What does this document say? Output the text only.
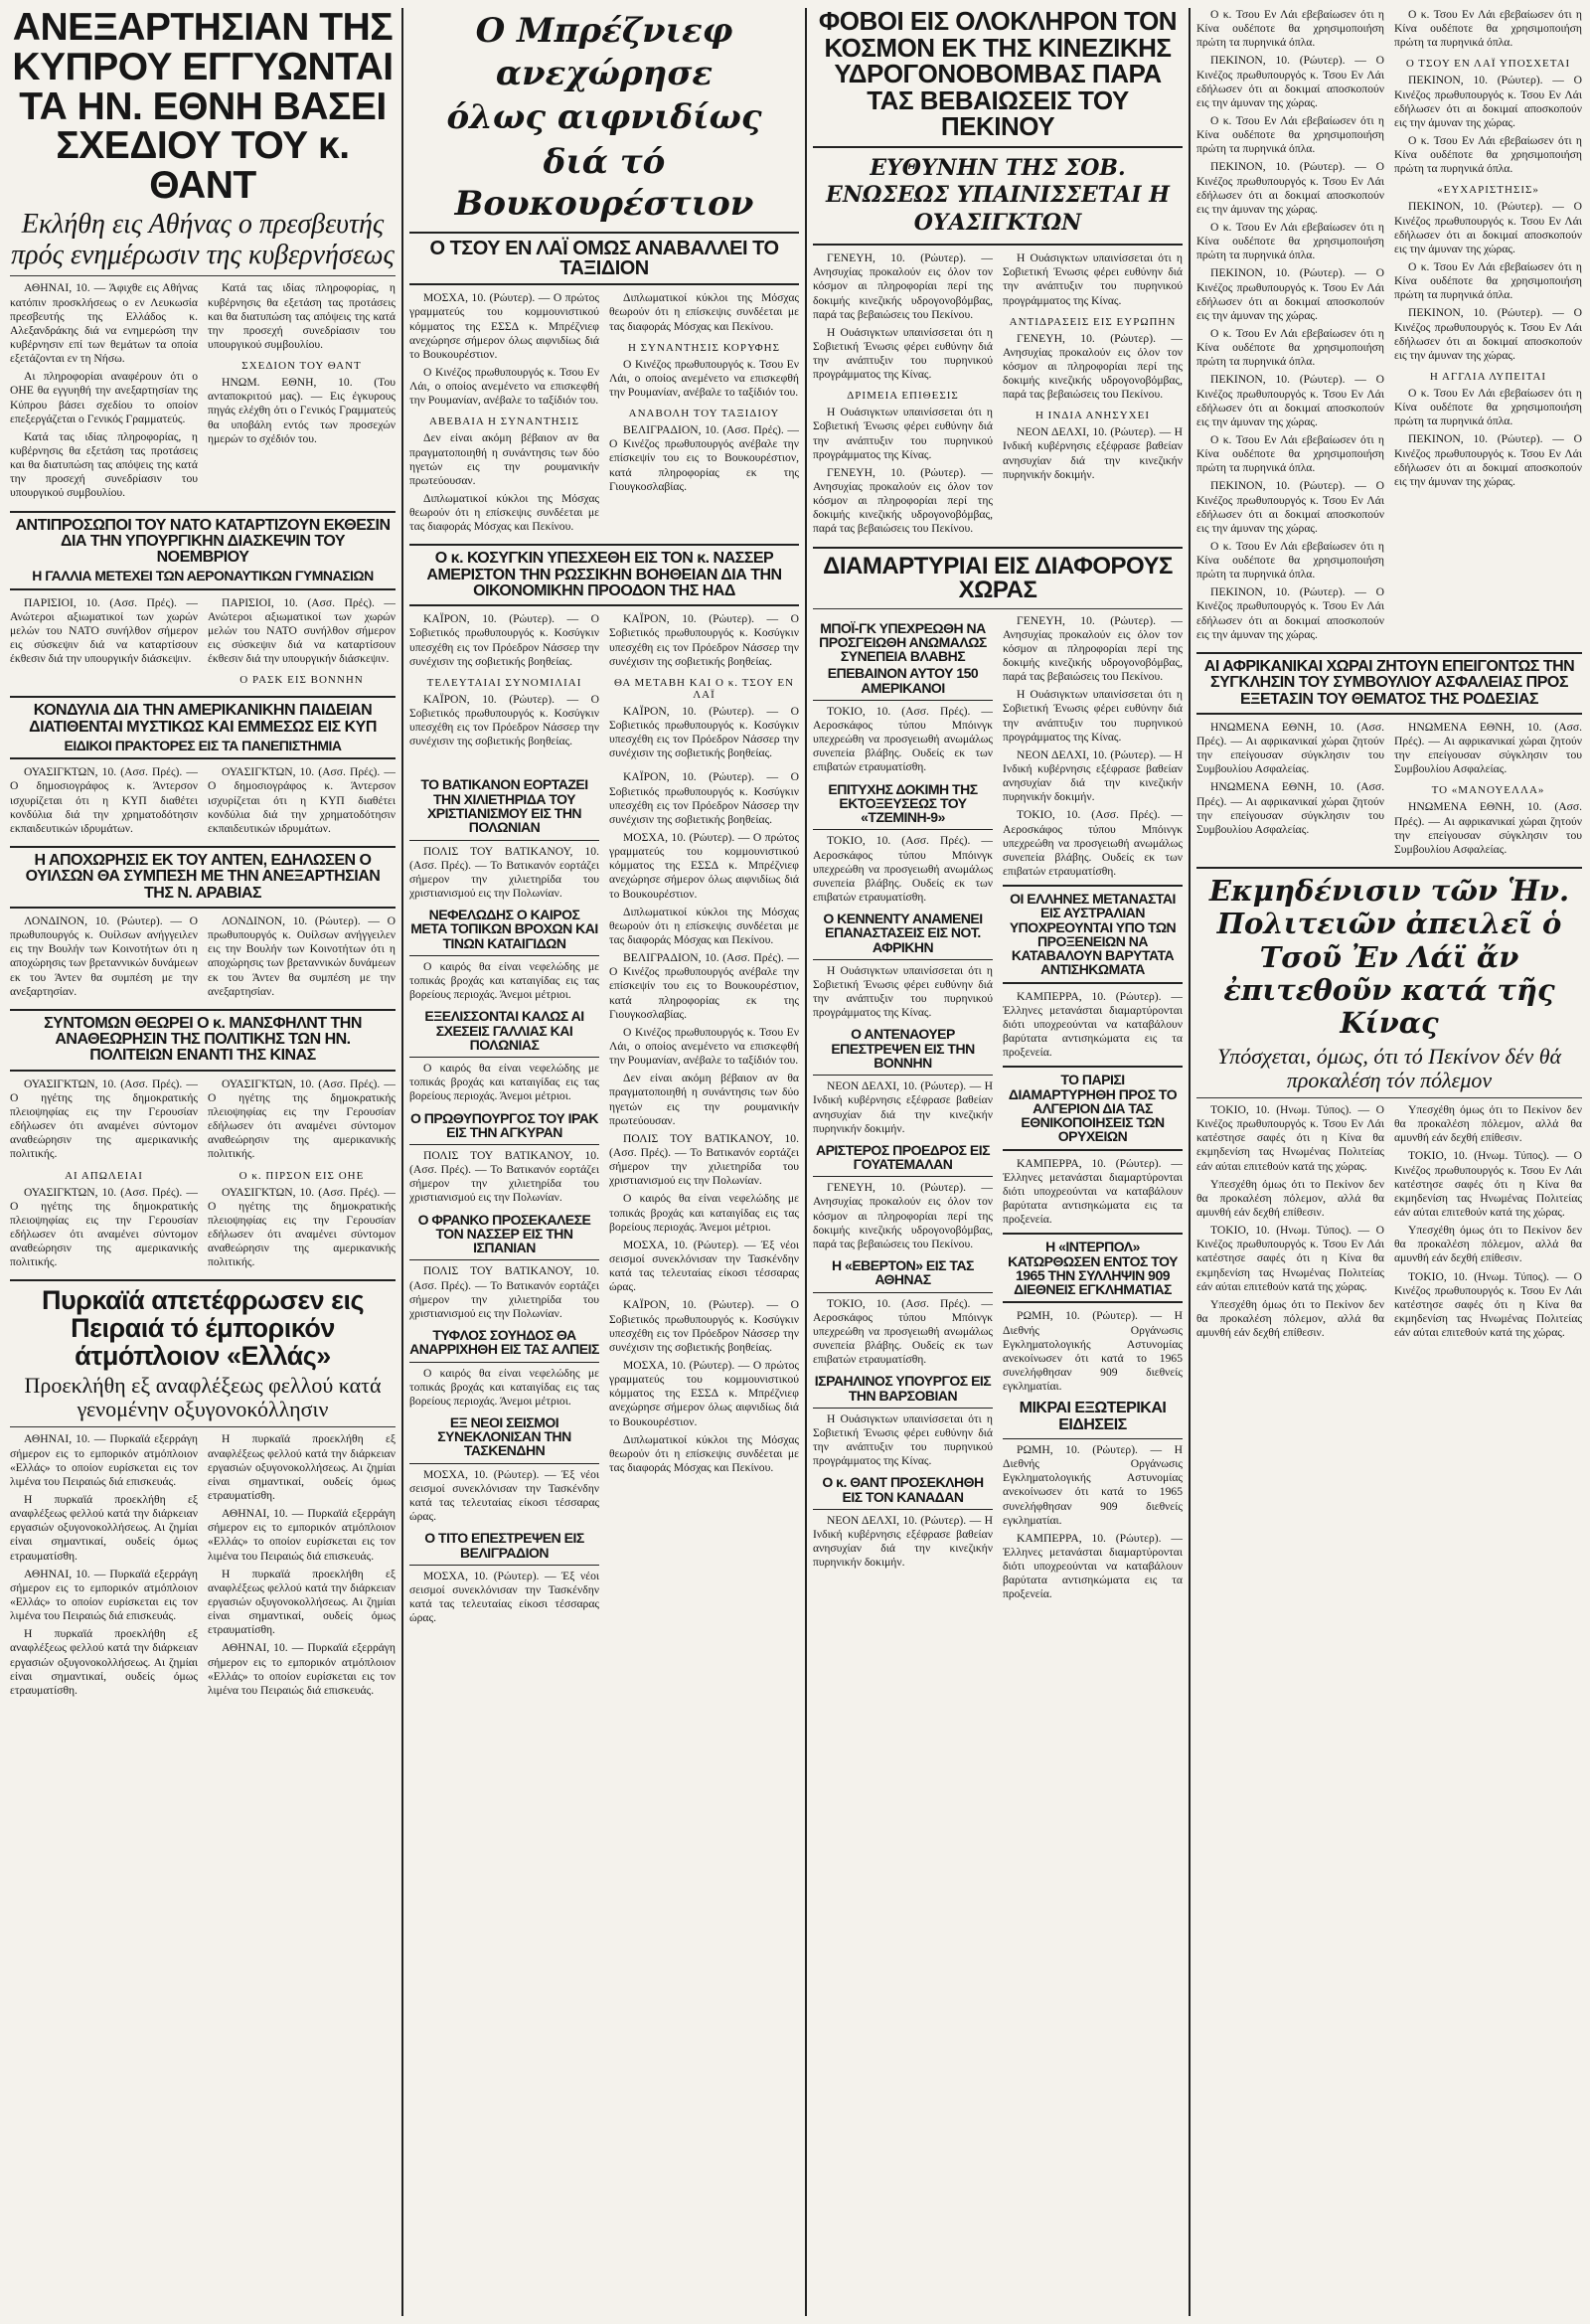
ΑΝΕΞΑΡΤΗΣΙΑΝ ΤΗΣ ΚΥΠΡΟΥ ΕΓΓΥΩΝΤΑΙ ΤΑ ΗΝ. ΕΘΝΗ ΒΑΣΕΙ ΣΧΕΔΙΟΥ ΤΟΥ κ. ΘΑΝΤ
Εκλήθη εις Αθήνας ο πρεσβευτής πρός ενημέρωσιν της κυβερνήσεως

ΑΘΗΝΑΙ, 10. — Άφιχθε εις Αθήνας κατόπιν προσκλήσεως ο εν Λευκωσία πρεσβευτής της Ελλάδος κ. Αλεξανδράκης διά να ενημερώση την κυβέρνησιν επί των θεμάτων τα οποία εξετάζονται εν τη Νήσω.

Αι πληροφορίαι αναφέρουν ότι ο ΟΗΕ θα εγγυηθή την ανεξαρτησίαν της Κύπρου βάσει σχεδίου το οποίον επεξεργάζεται ο Γενικός Γραμματεύς.

Κατά τας ιδίας πληροφορίας, η κυβέρνησις θα εξετάση τας προτάσεις και θα διατυπώση τας απόψεις της κατά την προσεχή συνεδρίασιν του υπουργικού συμβουλίου.

Κατά τας ιδίας πληροφορίας, η κυβέρνησις θα εξετάση τας προτάσεις και θα διατυπώση τας απόψεις της κατά την προσεχή συνεδρίασιν του υπουργικού συμβουλίου.

ΣΧΕΔΙΟΝ ΤΟΥ ΘΑΝΤ

ΗΝΩΜ. ΕΘΝΗ, 10. (Του ανταποκριτού μας). — Εις έγκυρους πηγάς ελέχθη ότι ο Γενικός Γραμματεύς θα υποβάλη εντός των προσεχών ημερών το σχέδιόν του.

ΑΝΤΙΠΡΟΣΩΠΟΙ ΤΟΥ ΝΑΤΟ ΚΑΤΑΡΤΙΖΟΥΝ ΕΚΘΕΣΙΝ ΔΙΑ ΤΗΝ ΥΠΟΥΡΓΙΚΗΝ ΔΙΑΣΚΕΨΙΝ ΤΟΥ ΝΟΕΜΒΡΙΟΥ
Η ΓΑΛΛΙΑ ΜΕΤΕΧΕΙ ΤΩΝ ΑΕΡΟΝΑΥΤΙΚΩΝ ΓΥΜΝΑΣΙΩΝ

ΠΑΡΙΣΙΟΙ, 10. (Ασσ. Πρές). — Ανώτεροι αξιωματικοί των χωρών μελών του ΝΑΤΟ συνήλθον σήμερον εις σύσκεψιν διά να καταρτίσουν έκθεσιν διά την υπουργικήν διάσκεψιν.

ΠΑΡΙΣΙΟΙ, 10. (Ασσ. Πρές). — Ανώτεροι αξιωματικοί των χωρών μελών του ΝΑΤΟ συνήλθον σήμερον εις σύσκεψιν διά να καταρτίσουν έκθεσιν διά την υπουργικήν διάσκεψιν.

Ο ΡΑΣΚ ΕΙΣ ΒΟΝΝΗΝ
ΚΟΝΔΥΛΙΑ ΔΙΑ ΤΗΝ ΑΜΕΡΙΚΑΝΙΚΗΝ ΠΑΙΔΕΙΑΝ ΔΙΑΤΙΘΕΝΤΑΙ ΜΥΣΤΙΚΩΣ ΚΑΙ ΕΜΜΕΣΩΣ ΕΙΣ ΚΥΠ
ΕΙΔΙΚΟΙ ΠΡΑΚΤΟΡΕΣ ΕΙΣ ΤΑ ΠΑΝΕΠΙΣΤΗΜΙΑ

ΟΥΑΣΙΓΚΤΩΝ, 10. (Ασσ. Πρές). — Ο δημοσιογράφος κ. Άντερσον ισχυρίζεται ότι η ΚΥΠ διαθέτει κονδύλια διά την χρηματοδότησιν εκπαιδευτικών ιδρυμάτων.

ΟΥΑΣΙΓΚΤΩΝ, 10. (Ασσ. Πρές). — Ο δημοσιογράφος κ. Άντερσον ισχυρίζεται ότι η ΚΥΠ διαθέτει κονδύλια διά την χρηματοδότησιν εκπαιδευτικών ιδρυμάτων.

Η ΑΠΟΧΩΡΗΣΙΣ ΕΚ ΤΟΥ ΑΝΤΕΝ, ΕΔΗΛΩΣΕΝ Ο ΟΥΙΛΣΩΝ ΘΑ ΣΥΜΠΕΣΗ ΜΕ ΤΗΝ ΑΝΕΞΑΡΤΗΣΙΑΝ ΤΗΣ Ν. ΑΡΑΒΙΑΣ

ΛΟΝΔΙΝΟΝ, 10. (Ρώυτερ). — Ο πρωθυπουργός κ. Ουίλσων ανήγγειλεν εις την Βουλήν των Κοινοτήτων ότι η αποχώρησις των βρεταννικών δυνάμεων εκ του Άντεν θα συμπέση με την ανεξαρτησίαν.

ΛΟΝΔΙΝΟΝ, 10. (Ρώυτερ). — Ο πρωθυπουργός κ. Ουίλσων ανήγγειλεν εις την Βουλήν των Κοινοτήτων ότι η αποχώρησις των βρεταννικών δυνάμεων εκ του Άντεν θα συμπέση με την ανεξαρτησίαν.

ΣΥΝΤΟΜΩΝ ΘΕΩΡΕΙ Ο κ. ΜΑΝΣΦΗΛΝΤ ΤΗΝ ΑΝΑΘΕΩΡΗΣΙΝ ΤΗΣ ΠΟΛΙΤΙΚΗΣ ΤΩΝ ΗΝ. ΠΟΛΙΤΕΙΩΝ ΕΝΑΝΤΙ ΤΗΣ ΚΙΝΑΣ

ΟΥΑΣΙΓΚΤΩΝ, 10. (Ασσ. Πρές). — Ο ηγέτης της δημοκρατικής πλειοψηφίας εις την Γερουσίαν εδήλωσεν ότι αναμένει σύντομον αναθεώρησιν της αμερικανικής πολιτικής.

ΑΙ ΑΠΩΛΕΙΑΙ

ΟΥΑΣΙΓΚΤΩΝ, 10. (Ασσ. Πρές). — Ο ηγέτης της δημοκρατικής πλειοψηφίας εις την Γερουσίαν εδήλωσεν ότι αναμένει σύντομον αναθεώρησιν της αμερικανικής πολιτικής.

ΟΥΑΣΙΓΚΤΩΝ, 10. (Ασσ. Πρές). — Ο ηγέτης της δημοκρατικής πλειοψηφίας εις την Γερουσίαν εδήλωσεν ότι αναμένει σύντομον αναθεώρησιν της αμερικανικής πολιτικής.

Ο κ. ΠΙΡΣΟΝ ΕΙΣ ΟΗΕ

ΟΥΑΣΙΓΚΤΩΝ, 10. (Ασσ. Πρές). — Ο ηγέτης της δημοκρατικής πλειοψηφίας εις την Γερουσίαν εδήλωσεν ότι αναμένει σύντομον αναθεώρησιν της αμερικανικής πολιτικής.

Πυρκαϊά απετέφρωσεν εις Πειραιά τό έμπορικόν άτμόπλοιον «Ελλάς»
Προεκλήθη εξ αναφλέξεως φελλού κατά γενομένην οξυγονοκόλλησιν

ΑΘΗΝΑΙ, 10. — Πυρκαϊά εξερράγη σήμερον εις το εμπορικόν ατμόπλοιον «Ελλάς» το οποίον ευρίσκεται εις τον λιμένα του Πειραιώς διά επισκευάς.

Η πυρκαϊά προεκλήθη εξ αναφλέξεως φελλού κατά την διάρκειαν εργασιών οξυγονοκολλήσεως. Αι ζημίαι είναι σημαντικαί, ουδείς όμως ετραυματίσθη.

ΑΘΗΝΑΙ, 10. — Πυρκαϊά εξερράγη σήμερον εις το εμπορικόν ατμόπλοιον «Ελλάς» το οποίον ευρίσκεται εις τον λιμένα του Πειραιώς διά επισκευάς.

Η πυρκαϊά προεκλήθη εξ αναφλέξεως φελλού κατά την διάρκειαν εργασιών οξυγονοκολλήσεως. Αι ζημίαι είναι σημαντικαί, ουδείς όμως ετραυματίσθη.

Η πυρκαϊά προεκλήθη εξ αναφλέξεως φελλού κατά την διάρκειαν εργασιών οξυγονοκολλήσεως. Αι ζημίαι είναι σημαντικαί, ουδείς όμως ετραυματίσθη.

ΑΘΗΝΑΙ, 10. — Πυρκαϊά εξερράγη σήμερον εις το εμπορικόν ατμόπλοιον «Ελλάς» το οποίον ευρίσκεται εις τον λιμένα του Πειραιώς διά επισκευάς.

Η πυρκαϊά προεκλήθη εξ αναφλέξεως φελλού κατά την διάρκειαν εργασιών οξυγονοκολλήσεως. Αι ζημίαι είναι σημαντικαί, ουδείς όμως ετραυματίσθη.

ΑΘΗΝΑΙ, 10. — Πυρκαϊά εξερράγη σήμερον εις το εμπορικόν ατμόπλοιον «Ελλάς» το οποίον ευρίσκεται εις τον λιμένα του Πειραιώς διά επισκευάς.

Ο Μπρέζνιεφ ανεχώρησε
όλως αιφνιδίως
διά τό Βουκουρέστιον
Ο ΤΣΟΥ ΕΝ ΛΑΪ ΟΜΩΣ ΑΝΑΒΑΛΛΕΙ ΤΟ ΤΑΞΙΔΙΟΝ

ΜΟΣΧΑ, 10. (Ρώυτερ). — Ο πρώτος γραμματεύς του κομμουνιστικού κόμματος της ΕΣΣΔ κ. Μπρέζνιεφ ανεχώρησε σήμερον όλως αιφνιδίως διά το Βουκουρέστιον.

Ο Κινέζος πρωθυπουργός κ. Τσου Εν Λάι, ο οποίος ανεμένετο να επισκεφθή την Ρουμανίαν, ανέβαλε το ταξίδιόν του.

ΑΒΕΒΑΙΑ Η ΣΥΝΑΝΤΗΣΙΣ

Δεν είναι ακόμη βέβαιον αν θα πραγματοποιηθή η συνάντησις των δύο ηγετών εις την ρουμανικήν πρωτεύουσαν.

Διπλωματικοί κύκλοι της Μόσχας θεωρούν ότι η επίσκεψις συνδέεται με τας διαφοράς Μόσχας και Πεκίνου.

Διπλωματικοί κύκλοι της Μόσχας θεωρούν ότι η επίσκεψις συνδέεται με τας διαφοράς Μόσχας και Πεκίνου.

Η ΣΥΝΑΝΤΗΣΙΣ ΚΟΡΥΦΗΣ

Ο Κινέζος πρωθυπουργός κ. Τσου Εν Λάι, ο οποίος ανεμένετο να επισκεφθή την Ρουμανίαν, ανέβαλε το ταξίδιόν του.

ΑΝΑΒΟΛΗ ΤΟΥ ΤΑΞΙΔΙΟΥ

ΒΕΛΙΓΡΑΔΙΟΝ, 10. (Ασσ. Πρές). — Ο Κινέζος πρωθυπουργός ανέβαλε την επίσκεψίν του εις το Βουκουρέστιον, κατά πληροφορίας εκ της Γιουγκοσλαβίας.

Ο κ. ΚΟΣΥΓΚΙΝ ΥΠΕΣΧΕΘΗ ΕΙΣ ΤΟΝ κ. ΝΑΣΣΕΡ ΑΜΕΡΙΣΤΟΝ ΤΗΝ ΡΩΣΣΙΚΗΝ ΒΟΗΘΕΙΑΝ ΔΙΑ ΤΗΝ ΟΙΚΟΝΟΜΙΚΗΝ ΠΡΟΟΔΟΝ ΤΗΣ ΗΑΔ

ΚΑΪΡΟΝ, 10. (Ρώυτερ). — Ο Σοβιετικός πρωθυπουργός κ. Κοσύγκιν υπεσχέθη εις τον Πρόεδρον Νάσσερ την συνέχισιν της σοβιετικής βοηθείας.

ΤΕΛΕΥΤΑΙΑΙ ΣΥΝΟΜΙΛΙΑΙ

ΚΑΪΡΟΝ, 10. (Ρώυτερ). — Ο Σοβιετικός πρωθυπουργός κ. Κοσύγκιν υπεσχέθη εις τον Πρόεδρον Νάσσερ την συνέχισιν της σοβιετικής βοηθείας.

ΚΑΪΡΟΝ, 10. (Ρώυτερ). — Ο Σοβιετικός πρωθυπουργός κ. Κοσύγκιν υπεσχέθη εις τον Πρόεδρον Νάσσερ την συνέχισιν της σοβιετικής βοηθείας.

ΘΑ ΜΕΤΑΒΗ ΚΑΙ Ο κ. ΤΣΟΥ ΕΝ ΛΑΪ

ΚΑΪΡΟΝ, 10. (Ρώυτερ). — Ο Σοβιετικός πρωθυπουργός κ. Κοσύγκιν υπεσχέθη εις τον Πρόεδρον Νάσσερ την συνέχισιν της σοβιετικής βοηθείας.

ΤΟ ΒΑΤΙΚΑΝΟΝ ΕΟΡΤΑΖΕΙ ΤΗΝ ΧΙΛΙΕΤΗΡΙΔΑ ΤΟΥ ΧΡΙΣΤΙΑΝΙΣΜΟΥ ΕΙΣ ΤΗΝ ΠΟΛΩΝΙΑΝ

ΠΟΛΙΣ ΤΟΥ ΒΑΤΙΚΑΝΟΥ, 10. (Ασσ. Πρές). — Το Βατικανόν εορτάζει σήμερον την χιλιετηρίδα του χριστιανισμού εις την Πολωνίαν.

ΝΕΦΕΛΩΔΗΣ Ο ΚΑΙΡΟΣ ΜΕΤΑ ΤΟΠΙΚΩΝ ΒΡΟΧΩΝ ΚΑΙ ΤΙΝΩΝ ΚΑΤΑΙΓΙΔΩΝ

Ο καιρός θα είναι νεφελώδης με τοπικάς βροχάς και καταιγίδας εις τας βορείους περιοχάς. Άνεμοι μέτριοι.

ΕΞΕΛΙΣΣΟΝΤΑΙ ΚΑΛΩΣ ΑΙ ΣΧΕΣΕΙΣ ΓΑΛΛΙΑΣ ΚΑΙ ΠΟΛΩΝΙΑΣ

Ο καιρός θα είναι νεφελώδης με τοπικάς βροχάς και καταιγίδας εις τας βορείους περιοχάς. Άνεμοι μέτριοι.

Ο ΠΡΩΘΥΠΟΥΡΓΟΣ ΤΟΥ ΙΡΑΚ ΕΙΣ ΤΗΝ ΑΓΚΥΡΑΝ

ΠΟΛΙΣ ΤΟΥ ΒΑΤΙΚΑΝΟΥ, 10. (Ασσ. Πρές). — Το Βατικανόν εορτάζει σήμερον την χιλιετηρίδα του χριστιανισμού εις την Πολωνίαν.

Ο ΦΡΑΝΚΟ ΠΡΟΣΕΚΑΛΕΣΕ ΤΟΝ ΝΑΣΣΕΡ ΕΙΣ ΤΗΝ ΙΣΠΑΝΙΑΝ

ΠΟΛΙΣ ΤΟΥ ΒΑΤΙΚΑΝΟΥ, 10. (Ασσ. Πρές). — Το Βατικανόν εορτάζει σήμερον την χιλιετηρίδα του χριστιανισμού εις την Πολωνίαν.

ΤΥΦΛΟΣ ΣΟΥΗΔΟΣ ΘΑ ΑΝΑΡΡΙΧΗΘΗ ΕΙΣ ΤΑΣ ΑΛΠΕΙΣ

Ο καιρός θα είναι νεφελώδης με τοπικάς βροχάς και καταιγίδας εις τας βορείους περιοχάς. Άνεμοι μέτριοι.

ΕΞ ΝΕΟΙ ΣΕΙΣΜΟΙ ΣΥΝΕΚΛΟΝΙΣΑΝ ΤΗΝ ΤΑΣΚΕΝΔΗΝ

ΜΟΣΧΑ, 10. (Ρώυτερ). — Έξ νέοι σεισμοί συνεκλόνισαν την Τασκένδην κατά τας τελευταίας είκοσι τέσσαρας ώρας.

Ο ΤΙΤΟ ΕΠΕΣΤΡΕΨΕΝ ΕΙΣ ΒΕΛΙΓΡΑΔΙΟΝ

ΜΟΣΧΑ, 10. (Ρώυτερ). — Έξ νέοι σεισμοί συνεκλόνισαν την Τασκένδην κατά τας τελευταίας είκοσι τέσσαρας ώρας.

ΚΑΪΡΟΝ, 10. (Ρώυτερ). — Ο Σοβιετικός πρωθυπουργός κ. Κοσύγκιν υπεσχέθη εις τον Πρόεδρον Νάσσερ την συνέχισιν της σοβιετικής βοηθείας.

ΜΟΣΧΑ, 10. (Ρώυτερ). — Ο πρώτος γραμματεύς του κομμουνιστικού κόμματος της ΕΣΣΔ κ. Μπρέζνιεφ ανεχώρησε σήμερον όλως αιφνιδίως διά το Βουκουρέστιον.

Διπλωματικοί κύκλοι της Μόσχας θεωρούν ότι η επίσκεψις συνδέεται με τας διαφοράς Μόσχας και Πεκίνου.

ΒΕΛΙΓΡΑΔΙΟΝ, 10. (Ασσ. Πρές). — Ο Κινέζος πρωθυπουργός ανέβαλε την επίσκεψίν του εις το Βουκουρέστιον, κατά πληροφορίας εκ της Γιουγκοσλαβίας.

Ο Κινέζος πρωθυπουργός κ. Τσου Εν Λάι, ο οποίος ανεμένετο να επισκεφθή την Ρουμανίαν, ανέβαλε το ταξίδιόν του.

Δεν είναι ακόμη βέβαιον αν θα πραγματοποιηθή η συνάντησις των δύο ηγετών εις την ρουμανικήν πρωτεύουσαν.

ΠΟΛΙΣ ΤΟΥ ΒΑΤΙΚΑΝΟΥ, 10. (Ασσ. Πρές). — Το Βατικανόν εορτάζει σήμερον την χιλιετηρίδα του χριστιανισμού εις την Πολωνίαν.

Ο καιρός θα είναι νεφελώδης με τοπικάς βροχάς και καταιγίδας εις τας βορείους περιοχάς. Άνεμοι μέτριοι.

ΜΟΣΧΑ, 10. (Ρώυτερ). — Έξ νέοι σεισμοί συνεκλόνισαν την Τασκένδην κατά τας τελευταίας είκοσι τέσσαρας ώρας.

ΚΑΪΡΟΝ, 10. (Ρώυτερ). — Ο Σοβιετικός πρωθυπουργός κ. Κοσύγκιν υπεσχέθη εις τον Πρόεδρον Νάσσερ την συνέχισιν της σοβιετικής βοηθείας.

ΜΟΣΧΑ, 10. (Ρώυτερ). — Ο πρώτος γραμματεύς του κομμουνιστικού κόμματος της ΕΣΣΔ κ. Μπρέζνιεφ ανεχώρησε σήμερον όλως αιφνιδίως διά το Βουκουρέστιον.

Διπλωματικοί κύκλοι της Μόσχας θεωρούν ότι η επίσκεψις συνδέεται με τας διαφοράς Μόσχας και Πεκίνου.

ΦΟΒΟΙ ΕΙΣ ΟΛΟΚΛΗΡΟΝ ΤΟΝ ΚΟΣΜΟΝ ΕΚ ΤΗΣ ΚΙΝΕΖΙΚΗΣ ΥΔΡΟΓΟΝΟΒΟΜΒΑΣ ΠΑΡΑ ΤΑΣ ΒΕΒΑΙΩΣΕΙΣ ΤΟΥ ΠΕΚΙΝΟΥ
ΕΥΘΥΝΗΝ ΤΗΣ ΣΟΒ. ΕΝΩΣΕΩΣ ΥΠΑΙΝΙΣΣΕΤΑΙ Η ΟΥΑΣΙΓΚΤΩΝ

ΓΕΝΕΥΗ, 10. (Ρώυτερ). — Ανησυχίας προκαλούν εις όλον τον κόσμον αι πληροφορίαι περί της δοκιμής κινεζικής υδρογονοβόμβας, παρά τας βεβαιώσεις του Πεκίνου.

Η Ουάσιγκτων υπαινίσσεται ότι η Σοβιετική Ένωσις φέρει ευθύνην διά την ανάπτυξιν του πυρηνικού προγράμματος της Κίνας.

ΔΡΙΜΕΙΑ ΕΠΙΘΕΣΙΣ

Η Ουάσιγκτων υπαινίσσεται ότι η Σοβιετική Ένωσις φέρει ευθύνην διά την ανάπτυξιν του πυρηνικού προγράμματος της Κίνας.

ΓΕΝΕΥΗ, 10. (Ρώυτερ). — Ανησυχίας προκαλούν εις όλον τον κόσμον αι πληροφορίαι περί της δοκιμής κινεζικής υδρογονοβόμβας, παρά τας βεβαιώσεις του Πεκίνου.

Η Ουάσιγκτων υπαινίσσεται ότι η Σοβιετική Ένωσις φέρει ευθύνην διά την ανάπτυξιν του πυρηνικού προγράμματος της Κίνας.

ΑΝΤΙΔΡΑΣΕΙΣ ΕΙΣ ΕΥΡΩΠΗΝ

ΓΕΝΕΥΗ, 10. (Ρώυτερ). — Ανησυχίας προκαλούν εις όλον τον κόσμον αι πληροφορίαι περί της δοκιμής κινεζικής υδρογονοβόμβας, παρά τας βεβαιώσεις του Πεκίνου.

Η ΙΝΔΙΑ ΑΝΗΣΥΧΕΙ

ΝΕΟΝ ΔΕΛΧΙ, 10. (Ρώυτερ). — Η Ινδική κυβέρνησις εξέφρασε βαθείαν ανησυχίαν διά την κινεζικήν πυρηνικήν δοκιμήν.

ΔΙΑΜΑΡΤΥΡΙΑΙ ΕΙΣ ΔΙΑΦΟΡΟΥΣ ΧΩΡΑΣ
ΜΠΟΪ-ΓΚ ΥΠΕΧΡΕΩΘΗ ΝΑ ΠΡΟΣΓΕΙΩΘΗ ΑΝΩΜΑΛΩΣ ΣΥΝΕΠΕΙΑ ΒΛΑΒΗΣ
ΕΠΕΒΑΙΝΟΝ ΑΥΤΟΥ 150 ΑΜΕΡΙΚΑΝΟΙ

ΤΟΚΙΟ, 10. (Ασσ. Πρές). — Αεροσκάφος τύπου Μπόινγκ υπεχρεώθη να προσγειωθή ανωμάλως συνεπεία βλάβης. Ουδείς εκ των επιβατών ετραυματίσθη.

ΕΠΙΤΥΧΗΣ ΔΟΚΙΜΗ ΤΗΣ ΕΚΤΟΞΕΥΣΕΩΣ ΤΟΥ «ΤΖΕΜΙΝΗ-9»

ΤΟΚΙΟ, 10. (Ασσ. Πρές). — Αεροσκάφος τύπου Μπόινγκ υπεχρεώθη να προσγειωθή ανωμάλως συνεπεία βλάβης. Ουδείς εκ των επιβατών ετραυματίσθη.

Ο ΚΕΝΝΕΝΤΥ ΑΝΑΜΕΝΕΙ ΕΠΑΝΑΣΤΑΣΕΙΣ ΕΙΣ ΝΟΤ. ΑΦΡΙΚΗΝ

Η Ουάσιγκτων υπαινίσσεται ότι η Σοβιετική Ένωσις φέρει ευθύνην διά την ανάπτυξιν του πυρηνικού προγράμματος της Κίνας.

Ο ΑΝΤΕΝΑΟΥΕΡ ΕΠΕΣΤΡΕΨΕΝ ΕΙΣ ΤΗΝ ΒΟΝΝΗΝ

ΝΕΟΝ ΔΕΛΧΙ, 10. (Ρώυτερ). — Η Ινδική κυβέρνησις εξέφρασε βαθείαν ανησυχίαν διά την κινεζικήν πυρηνικήν δοκιμήν.

ΑΡΙΣΤΕΡΟΣ ΠΡΟΕΔΡΟΣ ΕΙΣ ΓΟΥΑΤΕΜΑΛΑΝ

ΓΕΝΕΥΗ, 10. (Ρώυτερ). — Ανησυχίας προκαλούν εις όλον τον κόσμον αι πληροφορίαι περί της δοκιμής κινεζικής υδρογονοβόμβας, παρά τας βεβαιώσεις του Πεκίνου.

Η «ΕΒΕΡΤΟΝ» ΕΙΣ ΤΑΣ ΑΘΗΝΑΣ

ΤΟΚΙΟ, 10. (Ασσ. Πρές). — Αεροσκάφος τύπου Μπόινγκ υπεχρεώθη να προσγειωθή ανωμάλως συνεπεία βλάβης. Ουδείς εκ των επιβατών ετραυματίσθη.

ΙΣΡΑΗΛΙΝΟΣ ΥΠΟΥΡΓΟΣ ΕΙΣ ΤΗΝ ΒΑΡΣΟΒΙΑΝ

Η Ουάσιγκτων υπαινίσσεται ότι η Σοβιετική Ένωσις φέρει ευθύνην διά την ανάπτυξιν του πυρηνικού προγράμματος της Κίνας.

Ο κ. ΘΑΝΤ ΠΡΟΣΕΚΛΗΘΗ ΕΙΣ ΤΟΝ ΚΑΝΑΔΑΝ

ΝΕΟΝ ΔΕΛΧΙ, 10. (Ρώυτερ). — Η Ινδική κυβέρνησις εξέφρασε βαθείαν ανησυχίαν διά την κινεζικήν πυρηνικήν δοκιμήν.

ΓΕΝΕΥΗ, 10. (Ρώυτερ). — Ανησυχίας προκαλούν εις όλον τον κόσμον αι πληροφορίαι περί της δοκιμής κινεζικής υδρογονοβόμβας, παρά τας βεβαιώσεις του Πεκίνου.

Η Ουάσιγκτων υπαινίσσεται ότι η Σοβιετική Ένωσις φέρει ευθύνην διά την ανάπτυξιν του πυρηνικού προγράμματος της Κίνας.

ΝΕΟΝ ΔΕΛΧΙ, 10. (Ρώυτερ). — Η Ινδική κυβέρνησις εξέφρασε βαθείαν ανησυχίαν διά την κινεζικήν πυρηνικήν δοκιμήν.

ΤΟΚΙΟ, 10. (Ασσ. Πρές). — Αεροσκάφος τύπου Μπόινγκ υπεχρεώθη να προσγειωθή ανωμάλως συνεπεία βλάβης. Ουδείς εκ των επιβατών ετραυματίσθη.

ΟΙ ΕΛΛΗΝΕΣ ΜΕΤΑΝΑΣΤΑΙ ΕΙΣ ΑΥΣΤΡΑΛΙΑΝ ΥΠΟΧΡΕΟΥΝΤΑΙ ΥΠΟ ΤΩΝ ΠΡΟΞΕΝΕΙΩΝ ΝΑ ΚΑΤΑΒΑΛΟΥΝ ΒΑΡΥΤΑΤΑ ΑΝΤΙΣΗΚΩΜΑΤΑ

ΚΑΜΠΕΡΡΑ, 10. (Ρώυτερ). — Έλληνες μετανάσται διαμαρτύρονται διότι υποχρεούνται να καταβάλουν βαρύτατα αντισηκώματα εις τα προξενεία.

ΤΟ ΠΑΡΙΣΙ ΔΙΑΜΑΡΤΥΡΗΘΗ ΠΡΟΣ ΤΟ ΑΛΓΕΡΙΟΝ ΔΙΑ ΤΑΣ ΕΘΝΙΚΟΠΟΙΗΣΕΙΣ ΤΩΝ ΟΡΥΧΕΙΩΝ

ΚΑΜΠΕΡΡΑ, 10. (Ρώυτερ). — Έλληνες μετανάσται διαμαρτύρονται διότι υποχρεούνται να καταβάλουν βαρύτατα αντισηκώματα εις τα προξενεία.

Η «ΙΝΤΕΡΠΟΛ» ΚΑΤΩΡΘΩΣΕΝ ΕΝΤΟΣ ΤΟΥ 1965 ΤΗΝ ΣΥΛΛΗΨΙΝ 909 ΔΙΕΘΝΕΙΣ ΕΓΚΛΗΜΑΤΙΑΣ

ΡΩΜΗ, 10. (Ρώυτερ). — Η Διεθνής Οργάνωσις Εγκληματολογικής Αστυνομίας ανεκοίνωσεν ότι κατά το 1965 συνελήφθησαν 909 διεθνείς εγκληματίαι.

ΜΙΚΡΑΙ ΕΞΩΤΕΡΙΚΑΙ ΕΙΔΗΣΕΙΣ

ΡΩΜΗ, 10. (Ρώυτερ). — Η Διεθνής Οργάνωσις Εγκληματολογικής Αστυνομίας ανεκοίνωσεν ότι κατά το 1965 συνελήφθησαν 909 διεθνείς εγκληματίαι.

ΚΑΜΠΕΡΡΑ, 10. (Ρώυτερ). — Έλληνες μετανάσται διαμαρτύρονται διότι υποχρεούνται να καταβάλουν βαρύτατα αντισηκώματα εις τα προξενεία.

Ο κ. Τσου Εν Λάι εβεβαίωσεν ότι η Κίνα ουδέποτε θα χρησιμοποιήση πρώτη τα πυρηνικά όπλα.

ΠΕΚΙΝΟΝ, 10. (Ρώυτερ). — Ο Κινέζος πρωθυπουργός κ. Τσου Εν Λάι εδήλωσεν ότι αι δοκιμαί αποσκοπούν εις την άμυναν της χώρας.

Ο κ. Τσου Εν Λάι εβεβαίωσεν ότι η Κίνα ουδέποτε θα χρησιμοποιήση πρώτη τα πυρηνικά όπλα.

ΠΕΚΙΝΟΝ, 10. (Ρώυτερ). — Ο Κινέζος πρωθυπουργός κ. Τσου Εν Λάι εδήλωσεν ότι αι δοκιμαί αποσκοπούν εις την άμυναν της χώρας.

Ο κ. Τσου Εν Λάι εβεβαίωσεν ότι η Κίνα ουδέποτε θα χρησιμοποιήση πρώτη τα πυρηνικά όπλα.

ΠΕΚΙΝΟΝ, 10. (Ρώυτερ). — Ο Κινέζος πρωθυπουργός κ. Τσου Εν Λάι εδήλωσεν ότι αι δοκιμαί αποσκοπούν εις την άμυναν της χώρας.

Ο κ. Τσου Εν Λάι εβεβαίωσεν ότι η Κίνα ουδέποτε θα χρησιμοποιήση πρώτη τα πυρηνικά όπλα.

ΠΕΚΙΝΟΝ, 10. (Ρώυτερ). — Ο Κινέζος πρωθυπουργός κ. Τσου Εν Λάι εδήλωσεν ότι αι δοκιμαί αποσκοπούν εις την άμυναν της χώρας.

Ο κ. Τσου Εν Λάι εβεβαίωσεν ότι η Κίνα ουδέποτε θα χρησιμοποιήση πρώτη τα πυρηνικά όπλα.

ΠΕΚΙΝΟΝ, 10. (Ρώυτερ). — Ο Κινέζος πρωθυπουργός κ. Τσου Εν Λάι εδήλωσεν ότι αι δοκιμαί αποσκοπούν εις την άμυναν της χώρας.

Ο κ. Τσου Εν Λάι εβεβαίωσεν ότι η Κίνα ουδέποτε θα χρησιμοποιήση πρώτη τα πυρηνικά όπλα.

ΠΕΚΙΝΟΝ, 10. (Ρώυτερ). — Ο Κινέζος πρωθυπουργός κ. Τσου Εν Λάι εδήλωσεν ότι αι δοκιμαί αποσκοπούν εις την άμυναν της χώρας.

Ο κ. Τσου Εν Λάι εβεβαίωσεν ότι η Κίνα ουδέποτε θα χρησιμοποιήση πρώτη τα πυρηνικά όπλα.

Ο ΤΣΟΥ ΕΝ ΛΑΪ ΥΠΟΣΧΕΤΑΙ

ΠΕΚΙΝΟΝ, 10. (Ρώυτερ). — Ο Κινέζος πρωθυπουργός κ. Τσου Εν Λάι εδήλωσεν ότι αι δοκιμαί αποσκοπούν εις την άμυναν της χώρας.

Ο κ. Τσου Εν Λάι εβεβαίωσεν ότι η Κίνα ουδέποτε θα χρησιμοποιήση πρώτη τα πυρηνικά όπλα.

«ΕΥΧΑΡΙΣΤΗΣΙΣ»

ΠΕΚΙΝΟΝ, 10. (Ρώυτερ). — Ο Κινέζος πρωθυπουργός κ. Τσου Εν Λάι εδήλωσεν ότι αι δοκιμαί αποσκοπούν εις την άμυναν της χώρας.

Ο κ. Τσου Εν Λάι εβεβαίωσεν ότι η Κίνα ουδέποτε θα χρησιμοποιήση πρώτη τα πυρηνικά όπλα.

ΠΕΚΙΝΟΝ, 10. (Ρώυτερ). — Ο Κινέζος πρωθυπουργός κ. Τσου Εν Λάι εδήλωσεν ότι αι δοκιμαί αποσκοπούν εις την άμυναν της χώρας.

Η ΑΓΓΛΙΑ ΛΥΠΕΙΤΑΙ

Ο κ. Τσου Εν Λάι εβεβαίωσεν ότι η Κίνα ουδέποτε θα χρησιμοποιήση πρώτη τα πυρηνικά όπλα.

ΠΕΚΙΝΟΝ, 10. (Ρώυτερ). — Ο Κινέζος πρωθυπουργός κ. Τσου Εν Λάι εδήλωσεν ότι αι δοκιμαί αποσκοπούν εις την άμυναν της χώρας.

ΑΙ ΑΦΡΙΚΑΝΙΚΑΙ ΧΩΡΑΙ ΖΗΤΟΥΝ ΕΠΕΙΓΟΝΤΩΣ ΤΗΝ ΣΥΓΚΛΗΣΙΝ ΤΟΥ ΣΥΜΒΟΥΛΙΟΥ ΑΣΦΑΛΕΙΑΣ ΠΡΟΣ ΕΞΕΤΑΣΙΝ ΤΟΥ ΘΕΜΑΤΟΣ ΤΗΣ ΡΟΔΕΣΙΑΣ

ΗΝΩΜΕΝΑ ΕΘΝΗ, 10. (Ασσ. Πρές). — Αι αφρικανικαί χώραι ζητούν την επείγουσαν σύγκλησιν του Συμβουλίου Ασφαλείας.

ΗΝΩΜΕΝΑ ΕΘΝΗ, 10. (Ασσ. Πρές). — Αι αφρικανικαί χώραι ζητούν την επείγουσαν σύγκλησιν του Συμβουλίου Ασφαλείας.

ΗΝΩΜΕΝΑ ΕΘΝΗ, 10. (Ασσ. Πρές). — Αι αφρικανικαί χώραι ζητούν την επείγουσαν σύγκλησιν του Συμβουλίου Ασφαλείας.

ΤΟ «ΜΑΝΟΥΕΛΛΑ»

ΗΝΩΜΕΝΑ ΕΘΝΗ, 10. (Ασσ. Πρές). — Αι αφρικανικαί χώραι ζητούν την επείγουσαν σύγκλησιν του Συμβουλίου Ασφαλείας.

Εκμηδένισιν τῶν Ἡν. Πολιτειῶν ἀπειλεῖ ὁ Τσοῦ Ἐν Λάϊ ἄν ἐπιτεθοῦν κατά τῆς Κίνας
Υπόσχεται, όμως, ότι τό Πεκίνον δέν θά προκαλέση τόν πόλεμον

ΤΟΚΙΟ, 10. (Ηνωμ. Τύπος). — Ο Κινέζος πρωθυπουργός κ. Τσου Εν Λάι κατέστησε σαφές ότι η Κίνα θα εκμηδενίση τας Ηνωμένας Πολιτείας εάν αύται επιτεθούν κατά της χώρας.

Υπεσχέθη όμως ότι το Πεκίνον δεν θα προκαλέση πόλεμον, αλλά θα αμυνθή εάν δεχθή επίθεσιν.

ΤΟΚΙΟ, 10. (Ηνωμ. Τύπος). — Ο Κινέζος πρωθυπουργός κ. Τσου Εν Λάι κατέστησε σαφές ότι η Κίνα θα εκμηδενίση τας Ηνωμένας Πολιτείας εάν αύται επιτεθούν κατά της χώρας.

Υπεσχέθη όμως ότι το Πεκίνον δεν θα προκαλέση πόλεμον, αλλά θα αμυνθή εάν δεχθή επίθεσιν.

Υπεσχέθη όμως ότι το Πεκίνον δεν θα προκαλέση πόλεμον, αλλά θα αμυνθή εάν δεχθή επίθεσιν.

ΤΟΚΙΟ, 10. (Ηνωμ. Τύπος). — Ο Κινέζος πρωθυπουργός κ. Τσου Εν Λάι κατέστησε σαφές ότι η Κίνα θα εκμηδενίση τας Ηνωμένας Πολιτείας εάν αύται επιτεθούν κατά της χώρας.

Υπεσχέθη όμως ότι το Πεκίνον δεν θα προκαλέση πόλεμον, αλλά θα αμυνθή εάν δεχθή επίθεσιν.

ΤΟΚΙΟ, 10. (Ηνωμ. Τύπος). — Ο Κινέζος πρωθυπουργός κ. Τσου Εν Λάι κατέστησε σαφές ότι η Κίνα θα εκμηδενίση τας Ηνωμένας Πολιτείας εάν αύται επιτεθούν κατά της χώρας.
